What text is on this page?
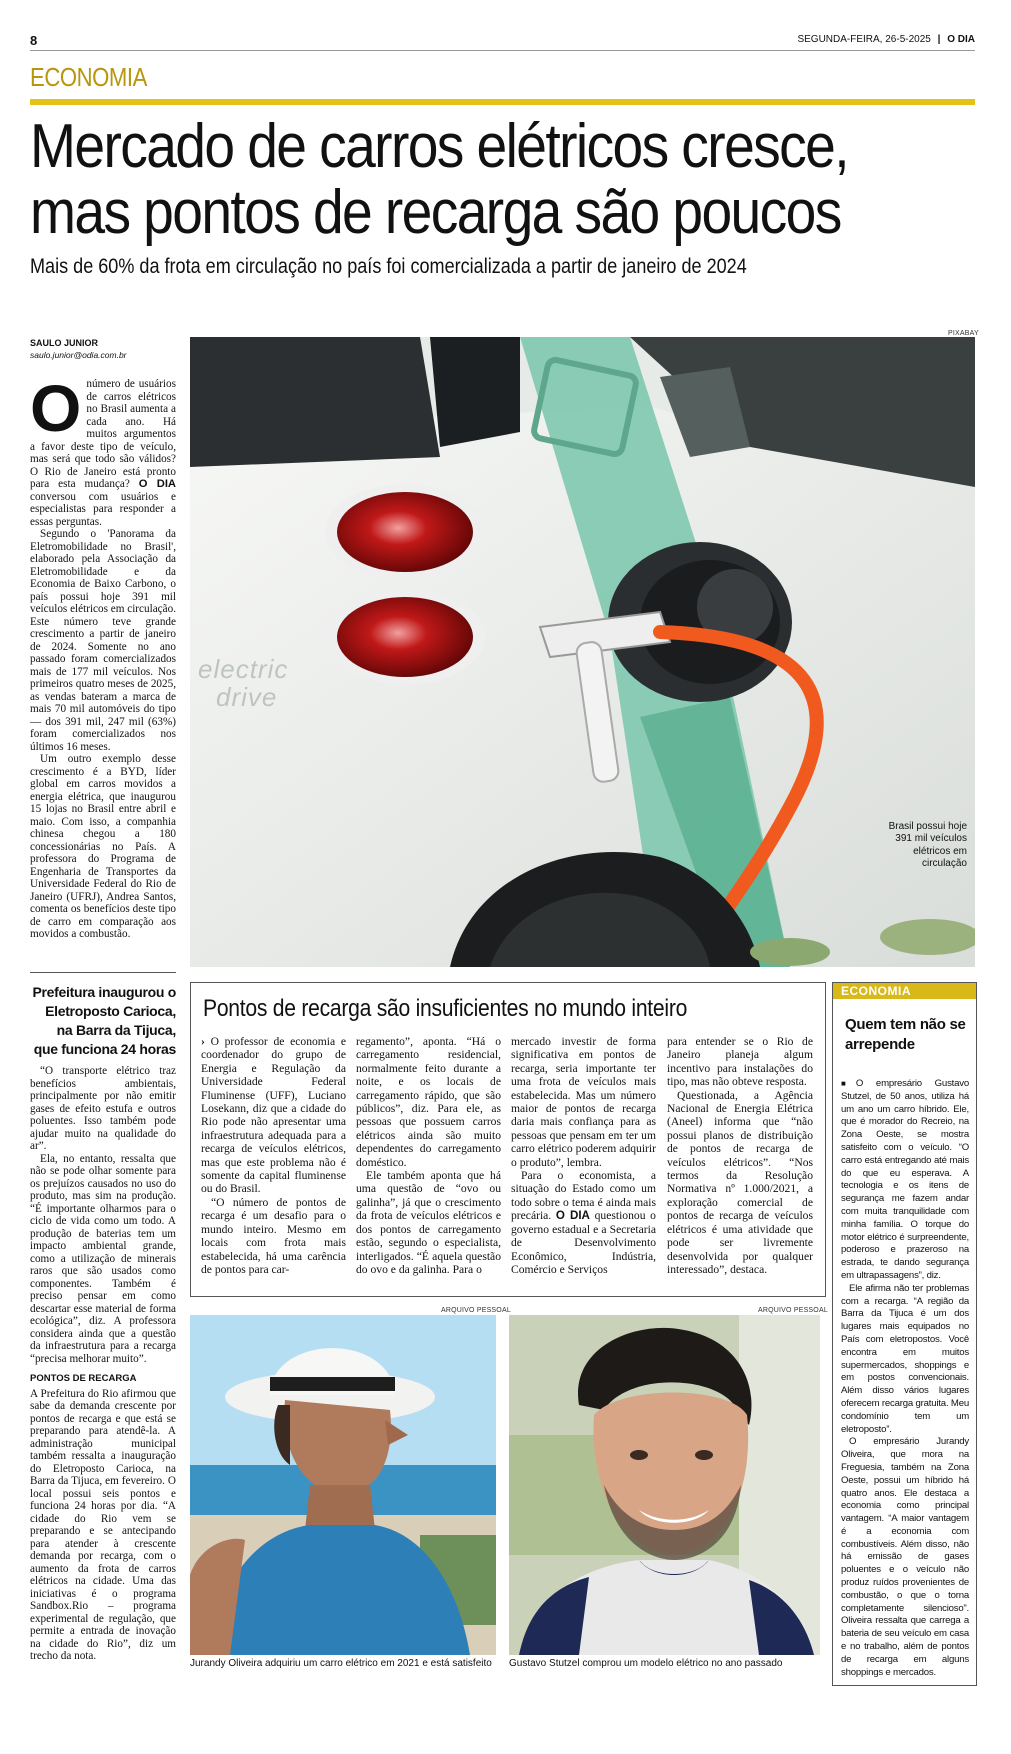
8	SEGUNDA-FEIRA, 26-5-2025 | O DIA
ECONOMIA
Mercado de carros elétricos cresce,
mas pontos de recarga são poucos
Mais de 60% da frota em circulação no país foi comercializada a partir de janeiro de 2024
SAULO JUNIOR
saulo.junior@odia.com.br
PIXABAY
electric
drive
Brasil possui hoje 391 mil veículos elétricos em circulação

Onúmero de usuários de carros elétricos no Brasil aumenta a cada ano. Há muitos argumentos a favor deste tipo de veículo, mas será que todo são válidos? O Rio de Janeiro está pronto para esta mudança? O DIA conversou com usuários e especialistas para responder a essas perguntas.

Segundo o 'Panorama da Eletromobilidade no Brasil', elaborado pela Associação da Eletromobilidade e da Economia de Baixo Carbono, o país possui hoje 391 mil veículos elétricos em circulação. Este número teve grande crescimento a partir de janeiro de 2024. Somente no ano passado foram comercializados mais de 177 mil veículos. Nos primeiros quatro meses de 2025, as vendas bateram a marca de mais 70 mil automóveis do tipo — dos 391 mil, 247 mil (63%) foram comercializados nos últimos 16 meses.

Um outro exemplo desse crescimento é a BYD, líder global em carros movidos a energia elétrica, que inaugurou 15 lojas no Brasil entre abril e maio. Com isso, a companhia chinesa chegou a 180 concessionárias no País. A professora do Programa de Engenharia de Transportes da Universidade Federal do Rio de Janeiro (UFRJ), Andrea Santos, comenta os benefícios deste tipo de carro em comparação aos movidos a combustão.

Prefeitura inaugurou o Eletroposto Carioca, na Barra da Tijuca, que funciona 24 horas

“O transporte elétrico traz benefícios ambientais, principalmente por não emitir gases de efeito estufa e outros poluentes. Isso também pode ajudar muito na qualidade do ar”.

Ela, no entanto, ressalta que não se pode olhar somente para os prejuízos causados no uso do produto, mas sim na produção. “É importante olharmos para o ciclo de vida como um todo. A produção de baterias tem um impacto ambiental grande, como a utilização de minerais raros que são usados como componentes. Também é preciso pensar em como descartar esse material de forma ecológica”, diz. A professora considera ainda que a questão da infraestrutura para a recarga “precisa melhorar muito”.

PONTOS DE RECARGA

A Prefeitura do Rio afirmou que sabe da demanda crescente por pontos de recarga e que está se preparando para atendê-la. A administração municipal também ressalta a inauguração do Eletroposto Carioca, na Barra da Tijuca, em fevereiro. O local possui seis pontos e funciona 24 horas por dia. “A cidade do Rio vem se preparando e se antecipando para atender à crescente demanda por recarga, com o aumento da frota de carros elétricos na cidade. Uma das iniciativas é o programa Sandbox.Rio – programa experimental de regulação, que permite a entrada de inovação na cidade do Rio”, diz um trecho da nota.

Pontos de recarga são insuficientes no mundo inteiro

› O professor de economia e coordenador do grupo de Energia e Regulação da Universidade Federal Fluminense (UFF), Luciano Losekann, diz que a cidade do Rio pode não apresentar uma infraestrutura adequada para a recarga de veículos elétricos, mas que este problema não é somente da capital fluminense ou do Brasil.

“O número de pontos de recarga é um desafio para o mundo inteiro. Mesmo em locais com frota mais estabelecida, há uma carência de pontos para car-

regamento”, aponta. “Há o carregamento residencial, normalmente feito durante a noite, e os locais de carregamento rápido, que são públicos”, diz. Para ele, as pessoas que possuem carros elétricos ainda são muito dependentes do carregamento doméstico.

Ele também aponta que há uma questão de “ovo ou galinha”, já que o crescimento da frota de veículos elétricos e dos pontos de carregamento estão, segundo o especialista, interligados. “É aquela questão do ovo e da galinha. Para o

mercado investir de forma significativa em pontos de recarga, seria importante ter uma frota de veículos mais estabelecida. Mas um número maior de pontos de recarga daria mais confiança para as pessoas que pensam em ter um carro elétrico poderem adquirir o produto”, lembra.

Para o economista, a situação do Estado como um todo sobre o tema é ainda mais precária. O DIA questionou o governo estadual e a Secretaria de Desenvolvimento Econômico, Indústria, Comércio e Serviços

para entender se o Rio de Janeiro planeja algum incentivo para instalações do tipo, mas não obteve resposta.

Questionada, a Agência Nacional de Energia Elétrica (Aneel) informa que “não possui planos de distribuição de pontos de recarga de veículos elétricos”. “Nos termos da Resolução Normativa nº 1.000/2021, a exploração comercial de pontos de recarga de veículos elétricos é uma atividade que pode ser livremente desenvolvida por qualquer interessado”, destaca.

ARQUIVO PESSOAL
Jurandy Oliveira adquiriu um carro elétrico em 2021 e está satisfeito
ARQUIVO PESSOAL
Gustavo Stutzel comprou um modelo elétrico no ano passado
ECONOMIA
Quem tem não se arrepende

■O empresário Gustavo Stutzel, de 50 anos, utiliza há um ano um carro híbrido. Ele, que é morador do Recreio, na Zona Oeste, se mostra satisfeito com o veículo. “O carro está entregando até mais do que eu esperava. A tecnologia e os itens de segurança me fazem andar com muita tranquilidade com minha família. O torque do motor elétrico é surpreendente, poderoso e prazeroso na estrada, te dando segurança em ultrapassagens”, diz.

Ele afirma não ter problemas com a recarga. “A região da Barra da Tijuca é um dos lugares mais equipados no País com eletropostos. Você encontra em muitos supermercados, shoppings e em postos convencionais. Além disso vários lugares oferecem recarga gratuita. Meu condomínio tem um eletroposto”.

O empresário Jurandy Oliveira, que mora na Freguesia, também na Zona Oeste, possui um híbrido há quatro anos. Ele destaca a economia como principal vantagem. “A maior vantagem é a economia com combustíveis. Além disso, não há emissão de gases poluentes e o veículo não produz ruídos provenientes de combustão, o que o torna completamente silencioso”. Oliveira ressalta que carrega a bateria de seu veículo em casa e no trabalho, além de pontos de recarga em alguns shoppings e mercados.
